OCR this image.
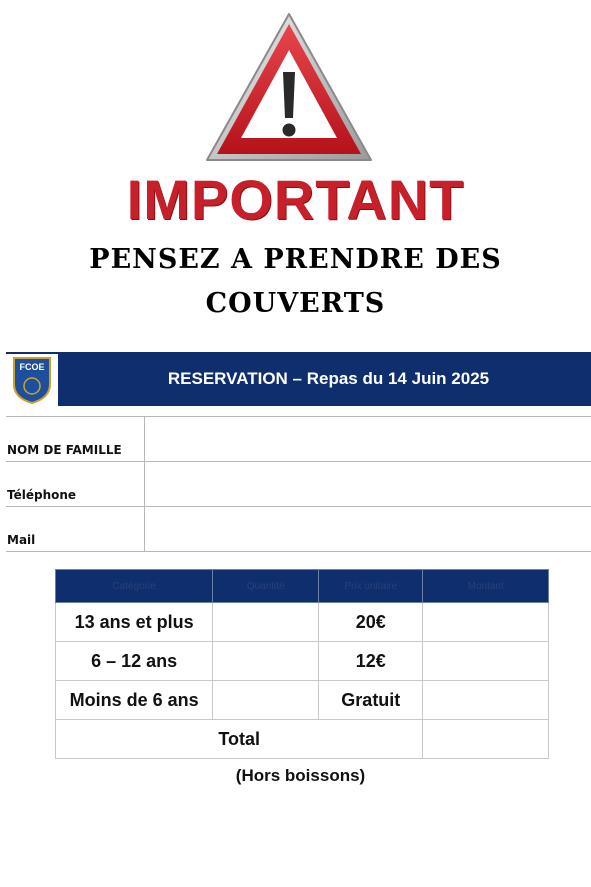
IMPORTANT
PENSEZ A PRENDRE DES COUVERTS
RESERVATION – Repas du 14 Juin 2025
FCOE
NOM DE FAMILLE	
Téléphone	
Mail	
Catégorie	Quantité	Prix unitaire	Montant
13 ans et plus		20€	
6 – 12 ans		12€	
Moins de 6 ans		Gratuit	
Total			
(Hors boissons)
